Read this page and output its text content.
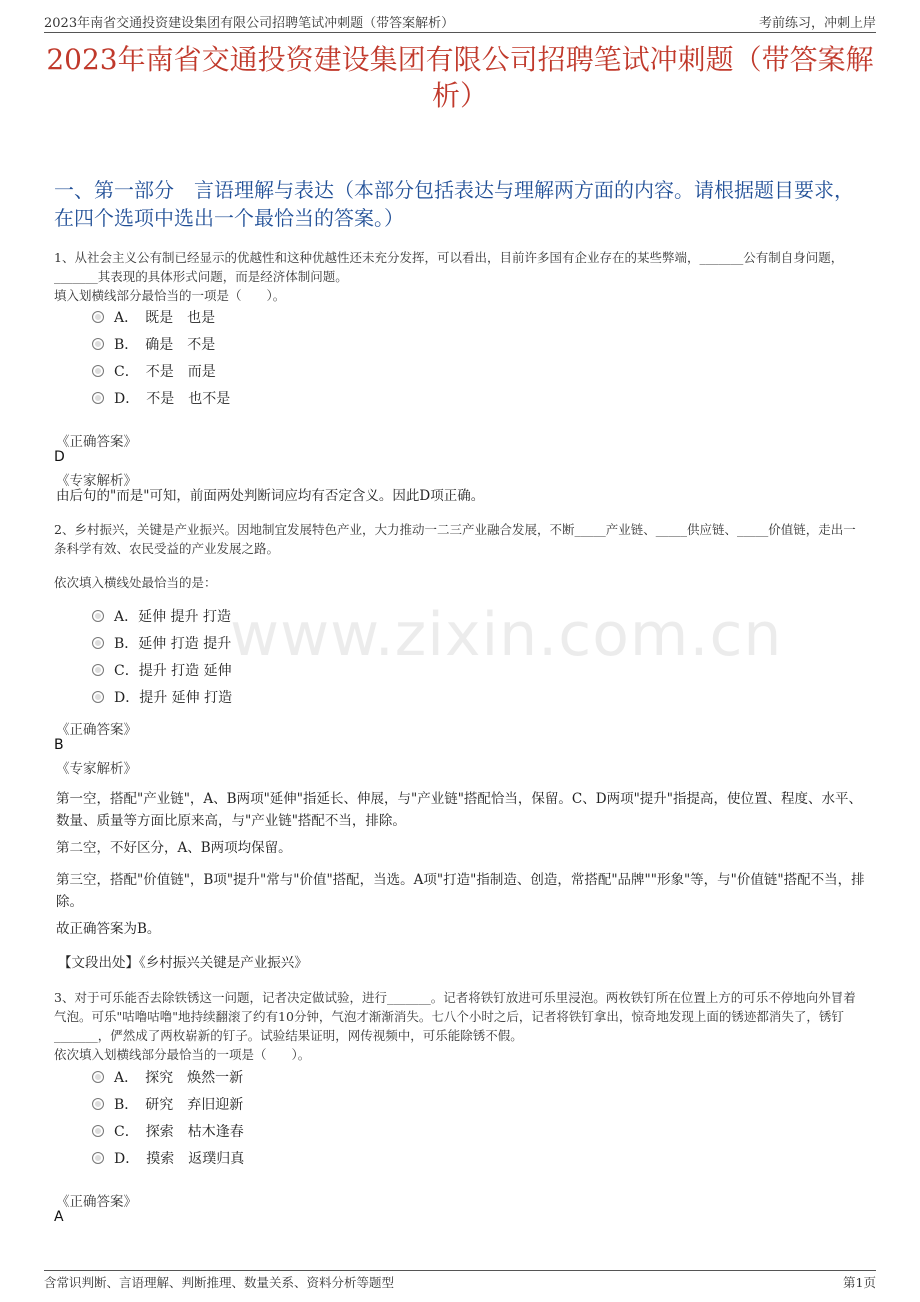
2023年南省交通投资建设集团有限公司招聘笔试冲刺题（带答案解析）	考前练习，冲刺上岸
2023年南省交通投资建设集团有限公司招聘笔试冲刺题（带答案解析）
一、第一部分　言语理解与表达（本部分包括表达与理解两方面的内容。请根据题目要求，在四个选项中选出一个最恰当的答案。）
1、从社会主义公有制已经显示的优越性和这种优越性还未充分发挥，可以看出，目前许多国有企业存在的某些弊端，_______公有制自身问题，_______其表现的具体形式问题，而是经济体制问题。
填入划横线部分最恰当的一项是（　　）。
A．　既是　也是
B．　确是　不是
C．　不是　而是
D．　不是　也不是
《正确答案》
D
《专家解析》
由后句的"而是"可知，前面两处判断词应均有否定含义。因此D项正确。
2、乡村振兴，关键是产业振兴。因地制宜发展特色产业，大力推动一二三产业融合发展，不断_____产业链、_____供应链、_____价值链，走出一条科学有效、农民受益的产业发展之路。
依次填入横线处最恰当的是：
A．延伸 提升 打造
B．延伸 打造 提升
C．提升 打造 延伸
D．提升 延伸 打造
《正确答案》
B
《专家解析》
第一空，搭配"产业链"，A、B两项"延伸"指延长、伸展，与"产业链"搭配恰当，保留。C、D两项"提升"指提高，使位置、程度、水平、数量、质量等方面比原来高，与"产业链"搭配不当，排除。
第二空，不好区分，A、B两项均保留。
第三空，搭配"价值链"，B项"提升"常与"价值"搭配，当选。A项"打造"指制造、创造，常搭配"品牌""形象"等，与"价值链"搭配不当，排除。
故正确答案为B。
【文段出处】《乡村振兴关键是产业振兴》
3、对于可乐能否去除铁锈这一问题，记者决定做试验，进行_______。记者将铁钉放进可乐里浸泡。两枚铁钉所在位置上方的可乐不停地向外冒着气泡。可乐"咕噜咕噜"地持续翻滚了约有10分钟，气泡才渐渐消失。七八个小时之后，记者将铁钉拿出，惊奇地发现上面的锈迹都消失了，锈钉_______，俨然成了两枚崭新的钉子。试验结果证明，网传视频中，可乐能除锈不假。
依次填入划横线部分最恰当的一项是（　　）。
A．　探究　焕然一新
B．　研究　弃旧迎新
C．　探索　枯木逢春
D．　摸索　返璞归真
《正确答案》
A
www.zixin.com.cn
含常识判断、言语理解、判断推理、数量关系、资料分析等题型	第1页
